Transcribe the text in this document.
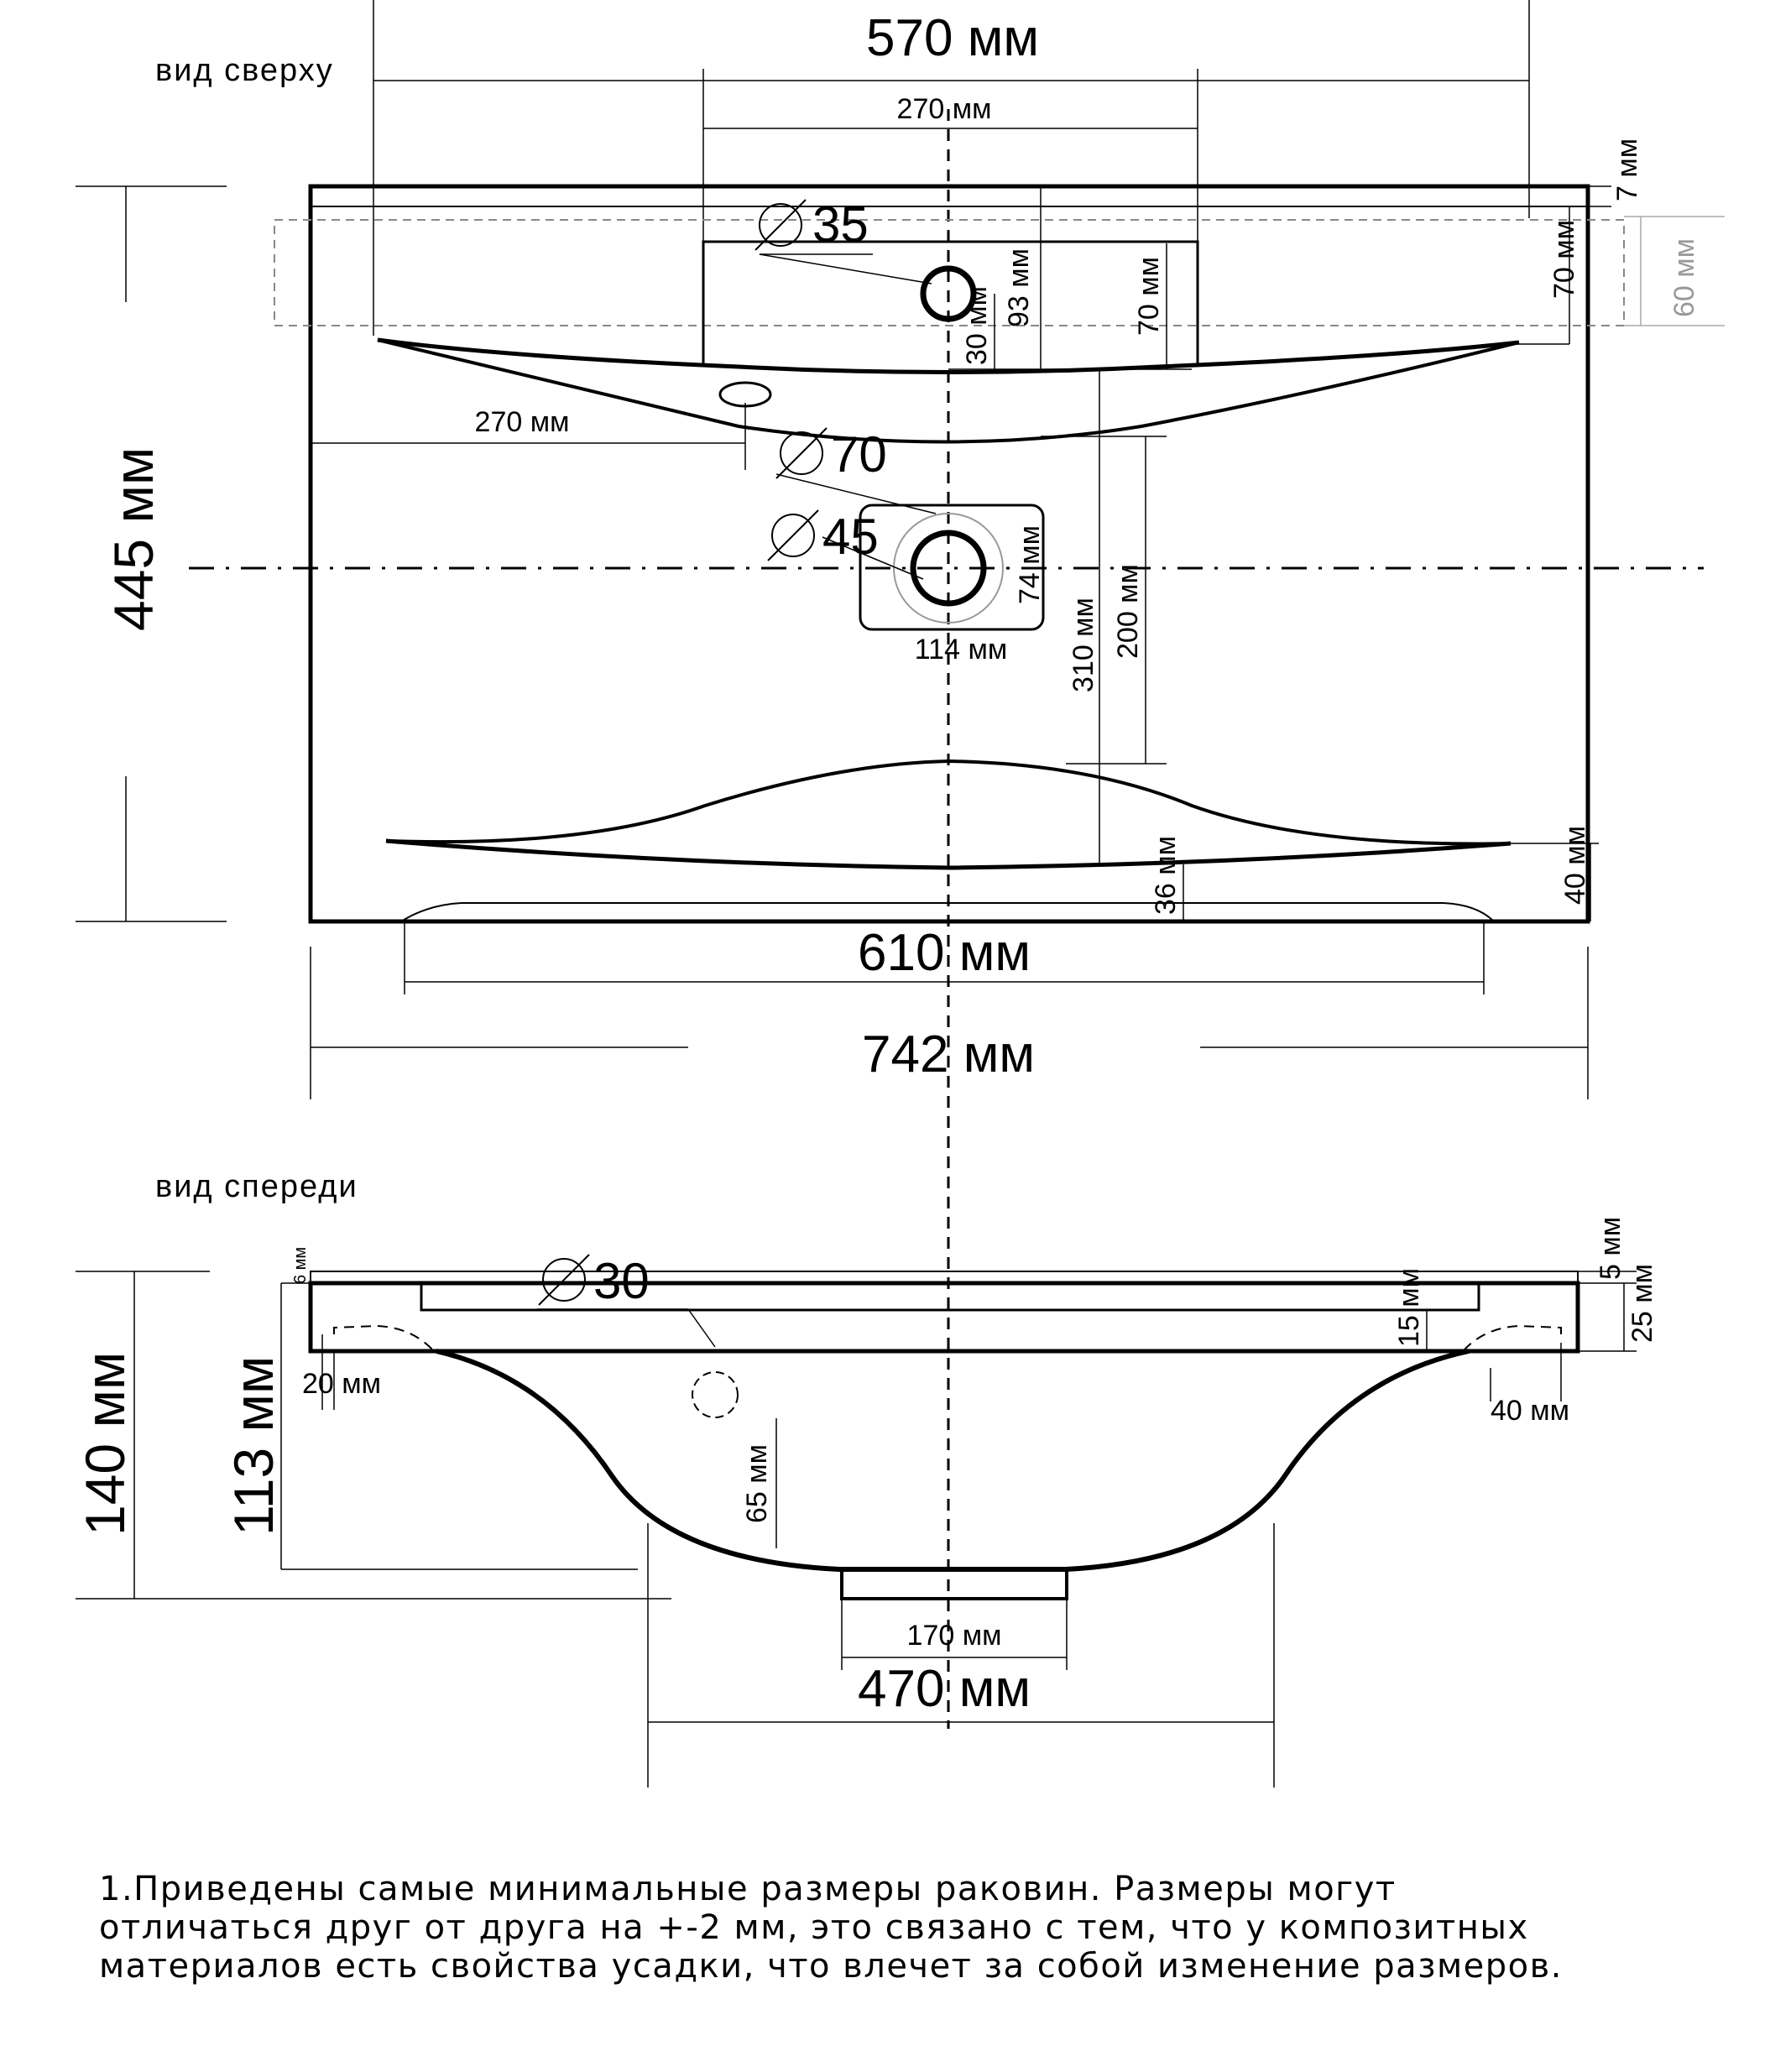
вид сверху
570 мм
270 мм
35
7 мм
60 мм
70 мм
93 мм	70 мм
30 мм
270 мм
445 мм	70
45	74 мм
114 мм 310 мм 200 мм
36 мм	40 мм
610 мм
742 мм
вид спереди
30
6 мм	5 мм
25 мм
15 мм
20 мм
40 мм
140 мм 113 мм	65 мм
170 мм
470 мм
1.Приведены самые минимальные размеры раковин. Размеры могут
отличаться друг от друга на +-2 мм, это связано с тем, что у композитных
материалов есть свойства усадки, что влечет за собой изменение размеров.
